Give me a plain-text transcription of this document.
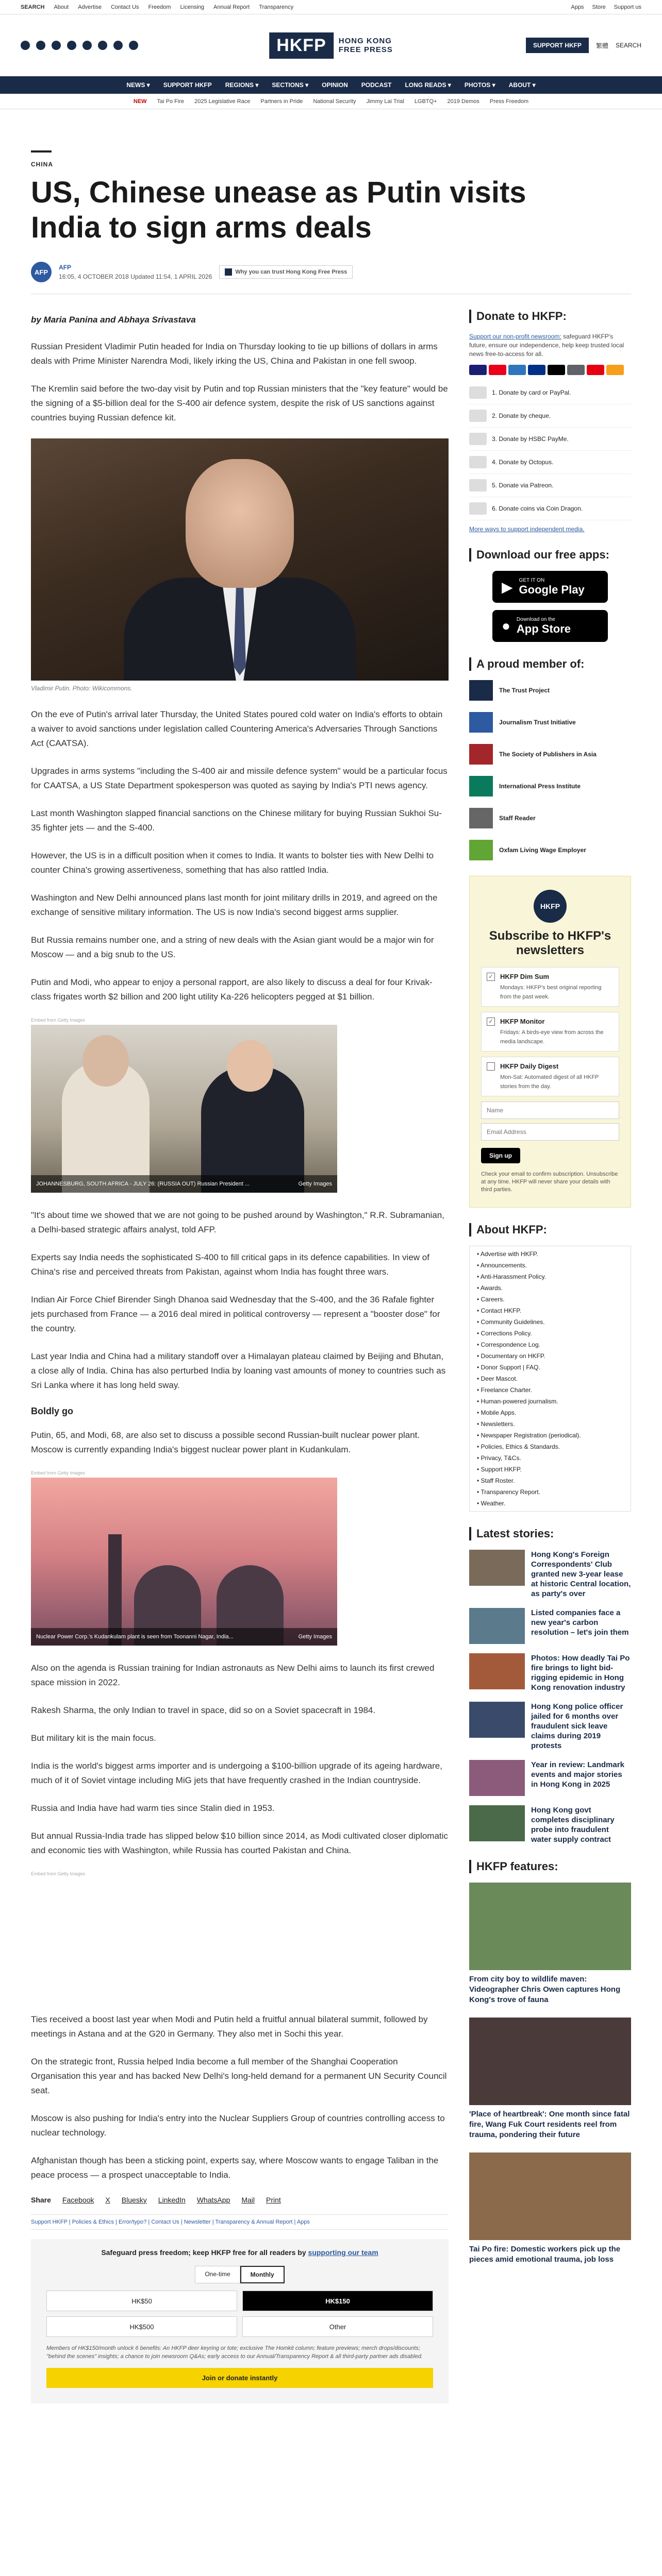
SEARCH About Advertise Contact Us Freedom Licensing Annual Report Transparency	Apps Store Support us
HKFP	HONG KONG
FREE PRESS	SUPPORT HKFP	繁體 SEARCH
NEWS ▾ SUPPORT HKFP REGIONS ▾ SECTIONS ▾ OPINION PODCAST LONG READS ▾ PHOTOS ▾ ABOUT ▾
NEW Tai Po Fire 2025 Legislative Race Partners in Pride National Security Jimmy Lai Trial LGBTQ+ 2019 Demos Press Freedom
CHINA
US, Chinese unease as Putin visits India to sign arms deals
AFP
AFP
16:05, 4 OCTOBER 2018 Updated 11:54, 1 APRIL 2026
Why you can trust Hong Kong Free Press
by Maria Panina and Abhaya Srivastava

Russian President Vladimir Putin headed for India on Thursday looking to tie up billions of dollars in arms deals with Prime Minister Narendra Modi, likely irking the US, China and Pakistan in one fell swoop.

The Kremlin said before the two-day visit by Putin and top Russian ministers that the "key feature" would be the signing of a $5-billion deal for the S-400 air defence system, despite the risk of US sanctions against countries buying Russian defence kit.

Vladimir Putin. Photo: Wikicommons.

On the eve of Putin's arrival later Thursday, the United States poured cold water on India's efforts to obtain a waiver to avoid sanctions under legislation called Countering America's Adversaries Through Sanctions Act (CAATSA).

Upgrades in arms systems "including the S-400 air and missile defence system" would be a particular focus for CAATSA, a US State Department spokesperson was quoted as saying by India's PTI news agency.

Last month Washington slapped financial sanctions on the Chinese military for buying Russian Sukhoi Su-35 fighter jets — and the S-400.

However, the US is in a difficult position when it comes to India. It wants to bolster ties with New Delhi to counter China's growing assertiveness, something that has also rattled India.

Washington and New Delhi announced plans last month for joint military drills in 2019, and agreed on the exchange of sensitive military information. The US is now India's second biggest arms supplier.

But Russia remains number one, and a string of new deals with the Asian giant would be a major win for Moscow — and a big snub to the US.

Putin and Modi, who appear to enjoy a personal rapport, are also likely to discuss a deal for four Krivak-class frigates worth $2 billion and 200 light utility Ka-226 helicopters pegged at $1 billion.

Embed from Getty Images
JOHANNESBURG, SOUTH AFRICA - JULY 26: (RUSSIA OUT) Russian President ...	Getty Images

"It's about time we showed that we are not going to be pushed around by Washington," R.R. Subramanian, a Delhi-based strategic affairs analyst, told AFP.

Experts say India needs the sophisticated S-400 to fill critical gaps in its defence capabilities. In view of China's rise and perceived threats from Pakistan, against whom India has fought three wars.

Indian Air Force Chief Birender Singh Dhanoa said Wednesday that the S-400, and the 36 Rafale fighter jets purchased from France — a 2016 deal mired in political controversy — represent a "booster dose" for the country.

Last year India and China had a military standoff over a Himalayan plateau claimed by Beijing and Bhutan, a close ally of India. China has also perturbed India by loaning vast amounts of money to countries such as Sri Lanka where it has long held sway.

Boldly go

Putin, 65, and Modi, 68, are also set to discuss a possible second Russian-built nuclear power plant. Moscow is currently expanding India's biggest nuclear power plant in Kudankulam.

Embed from Getty Images
Nuclear Power Corp.'s Kudankulam plant is seen from Toonanni Nagar, India...	Getty Images

Also on the agenda is Russian training for Indian astronauts as New Delhi aims to launch its first crewed space mission in 2022.

Rakesh Sharma, the only Indian to travel in space, did so on a Soviet spacecraft in 1984.

But military kit is the main focus.

India is the world's biggest arms importer and is undergoing a $100-billion upgrade of its ageing hardware, much of it of Soviet vintage including MiG jets that have frequently crashed in the Indian countryside.

Russia and India have had warm ties since Stalin died in 1953.

But annual Russia-India trade has slipped below $10 billion since 2014, as Modi cultivated closer diplomatic and economic ties with Washington, while Russia has courted Pakistan and China.

Embed from Getty Images

Ties received a boost last year when Modi and Putin held a fruitful annual bilateral summit, followed by meetings in Astana and at the G20 in Germany. They also met in Sochi this year.

On the strategic front, Russia helped India become a full member of the Shanghai Cooperation Organisation this year and has backed New Delhi's long-held demand for a permanent UN Security Council seat.

Moscow is also pushing for India's entry into the Nuclear Suppliers Group of countries controlling access to nuclear technology.

Afghanistan though has been a sticking point, experts say, where Moscow wants to engage Taliban in the peace process — a prospect unacceptable to India.

Share Facebook X Bluesky LinkedIn WhatsApp Mail Print
Support HKFP | Policies & Ethics | Error/typo? | Contact Us | Newsletter | Transparency & Annual Report | Apps
Safeguard press freedom; keep HKFP free for all readers by supporting our team
One-time	Monthly
HK$50	HK$150
HK$500	Other
Members of HK$150/month unlock 6 benefits: An HKFP deer keyring or tote; exclusive The Homkit column; feature previews; merch drops/discounts; "behind the scenes" insights; a chance to join newsroom Q&As; early access to our Annual/Transparency Report & all third-party partner ads disabled.
Join or donate instantly
Donate to HKFP:
Support our non-profit newsroom: safeguard HKFP's future, ensure our independence, help keep trusted local news free-to-access for all.
1. Donate by card or PayPal.
2. Donate by cheque.
3. Donate by HSBC PayMe.
4. Donate by Octopus.
5. Donate via Patreon.
6. Donate coins via Coin Dragon.
More ways to support independent media.
Download our free apps:
▶ GET IT ON
Google Play
● Download on the
App Store
A proud member of:
The Trust Project
Journalism Trust Initiative
The Society of Publishers in Asia
International Press Institute
Staff Reader
Oxfam Living Wage Employer
HKFP
Subscribe to HKFP's newsletters
✓ HKFP Dim Sum
Mondays: HKFP's best original reporting from the past week.
✓ HKFP Monitor
Fridays: A birds-eye view from across the media landscape.
HKFP Daily Digest
Mon-Sat: Automated digest of all HKFP stories from the day.
Name
Email Address Sign up
Check your email to confirm subscription. Unsubscribe at any time. HKFP will never share your details with third parties.
About HKFP:
• Advertise with HKFP.
• Announcements.
• Anti-Harassment Policy.
• Awards.
• Careers.
• Contact HKFP.
• Community Guidelines.
• Corrections Policy.
• Correspondence Log.
• Documentary on HKFP.
• Donor Support | FAQ.
• Deer Mascot.
• Freelance Charter.
• Human-powered journalism.
• Mobile Apps.
• Newsletters.
• Newspaper Registration (periodical).
• Policies, Ethics & Standards.
• Privacy, T&Cs.
• Support HKFP.
• Staff Roster.
• Transparency Report.
• Weather.
Latest stories:
Hong Kong's Foreign Correspondents' Club granted new 3-year lease at historic Central location, as party's over
Listed companies face a new year's carbon resolution – let's join them
Photos: How deadly Tai Po fire brings to light bid-rigging epidemic in Hong Kong renovation industry
Hong Kong police officer jailed for 6 months over fraudulent sick leave claims during 2019 protests
Year in review: Landmark events and major stories in Hong Kong in 2025
Hong Kong govt completes disciplinary probe into fraudulent water supply contract
HKFP features:
From city boy to wildlife maven: Videographer Chris Owen captures Hong Kong's trove of fauna
'Place of heartbreak': One month since fatal fire, Wang Fuk Court residents reel from trauma, pondering their future
Tai Po fire: Domestic workers pick up the pieces amid emotional trauma, job loss
